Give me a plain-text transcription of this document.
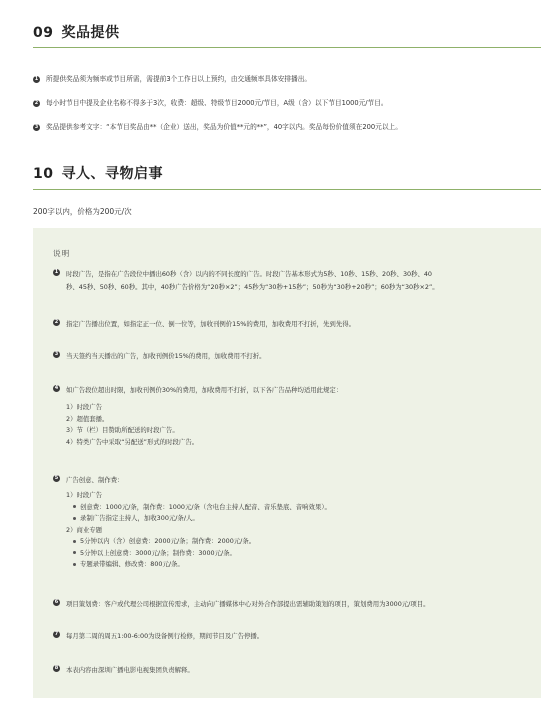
09 奖品提供
1 所提供奖品须为频率或节目所需，需提前3个工作日以上预约，由交通频率具体安排播出。
2 每小时节目中提及企业名称不得多于3次，收费：超级、特级节目2000元/节目，A级（含）以下节目1000元/节目。
3 奖品提供参考文字：“本节目奖品由**（企业）送出，奖品为价值**元的**”，40字以内。奖品每份价值须在200元以上。
10 寻人、寻物启事
200字以内，价格为200元/次
说明
1 时段广告，是指在广告段位中播出60秒（含）以内的不同长度的广告。时段广告基本形式为5秒、10秒、15秒、20秒、30秒、40
秒、45秒、50秒、60秒。其中，40秒广告价格为“20秒×2”；45秒为“30秒+15秒”；50秒为“30秒+20秒”；60秒为“30秒×2”。
2 指定广告播出位置，如指定正一位、倒一位等，加收刊例价15%的费用，加收费用不打折，先到先得。
3 当天签约当天播出的广告，加收刊例价15%的费用，加收费用不打折。
4 如广告段位超出时限，加收刊例价30%的费用，加收费用不打折，以下各广告品种均适用此规定：
1）时段广告
2）超值套播。
3）节（栏）目赞助所配送的时段广告。
4）特类广告中采取“另配送”形式的时段广告。
5 广告创意、制作费：
1）时段广告
创意费：1000元/条，制作费：1000元/条（含电台主持人配音、音乐垫底、音响效果）。
录制广告指定主持人，加收300元/条/人。
2）商业专题
5分钟以内（含）创意费：2000元/条；制作费：2000元/条。
5分钟以上创意费：3000元/条；制作费：3000元/条。
专题录带编辑、修改费：800元/条。
6 项目策划费：客户或代理公司根据宣传需求，主动向广播媒体中心对外合作部提出需辅助策划的项目，策划费用为3000元/项目。
7 每月第二周的周五1:00-6:00为设备例行检修，期间节目及广告停播。
8 本表内容由深圳广播电影电视集团负责解释。
